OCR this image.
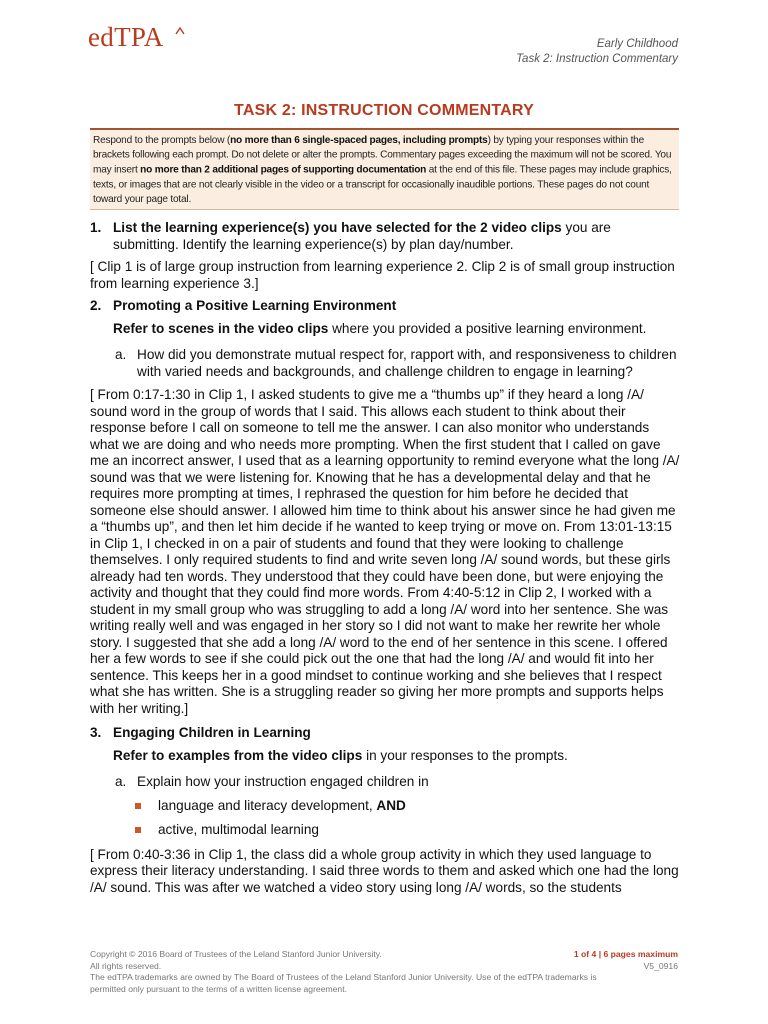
edTPA	Early Childhood
Task 2: Instruction Commentary
TASK 2: INSTRUCTION COMMENTARY
Respond to the prompts below (no more than 6 single-spaced pages, including prompts) by typing your responses within the brackets following each prompt. Do not delete or alter the prompts. Commentary pages exceeding the maximum will not be scored. You may insert no more than 2 additional pages of supporting documentation at the end of this file. These pages may include graphics, texts, or images that are not clearly visible in the video or a transcript for occasionally inaudible portions. These pages do not count toward your page total.
1. List the learning experience(s) you have selected for the 2 video clips you are submitting. Identify the learning experience(s) by plan day/number.
[ Clip 1 is of large group instruction from learning experience 2. Clip 2 is of small group instruction from learning experience 3.]
2. Promoting a Positive Learning Environment
Refer to scenes in the video clips where you provided a positive learning environment.
a. How did you demonstrate mutual respect for, rapport with, and responsiveness to children with varied needs and backgrounds, and challenge children to engage in learning?
[ From 0:17-1:30 in Clip 1, I asked students to give me a “thumbs up” if they heard a long /A/ sound word in the group of words that I said. This allows each student to think about their response before I call on someone to tell me the answer. I can also monitor who understands what we are doing and who needs more prompting. When the first student that I called on gave me an incorrect answer, I used that as a learning opportunity to remind everyone what the long /A/ sound was that we were listening for. Knowing that he has a developmental delay and that he requires more prompting at times, I rephrased the question for him before he decided that someone else should answer. I allowed him time to think about his answer since he had given me a “thumbs up”, and then let him decide if he wanted to keep trying or move on. From 13:01-13:15 in Clip 1, I checked in on a pair of students and found that they were looking to challenge themselves. I only required students to find and write seven long /A/ sound words, but these girls already had ten words. They understood that they could have been done, but were enjoying the activity and thought that they could find more words. From 4:40-5:12 in Clip 2, I worked with a student in my small group who was struggling to add a long /A/ word into her sentence. She was writing really well and was engaged in her story so I did not want to make her rewrite her whole story. I suggested that she add a long /A/ word to the end of her sentence in this scene. I offered her a few words to see if she could pick out the one that had the long /A/ and would fit into her sentence. This keeps her in a good mindset to continue working and she believes that I respect what she has written. She is a struggling reader so giving her more prompts and supports helps with her writing.]
3. Engaging Children in Learning
Refer to examples from the video clips in your responses to the prompts.
a. Explain how your instruction engaged children in
language and literacy development, AND
active, multimodal learning
[ From 0:40-3:36 in Clip 1, the class did a whole group activity in which they used language to express their literacy understanding. I said three words to them and asked which one had the long /A/ sound. This was after we watched a video story using long /A/ words, so the students
Copyright © 2016 Board of Trustees of the Leland Stanford Junior University.
All rights reserved.
The edTPA trademarks are owned by The Board of Trustees of the Leland Stanford Junior University. Use of the edTPA trademarks is
permitted only pursuant to the terms of a written license agreement.
1 of 4 | 6 pages maximum
V5_0916
